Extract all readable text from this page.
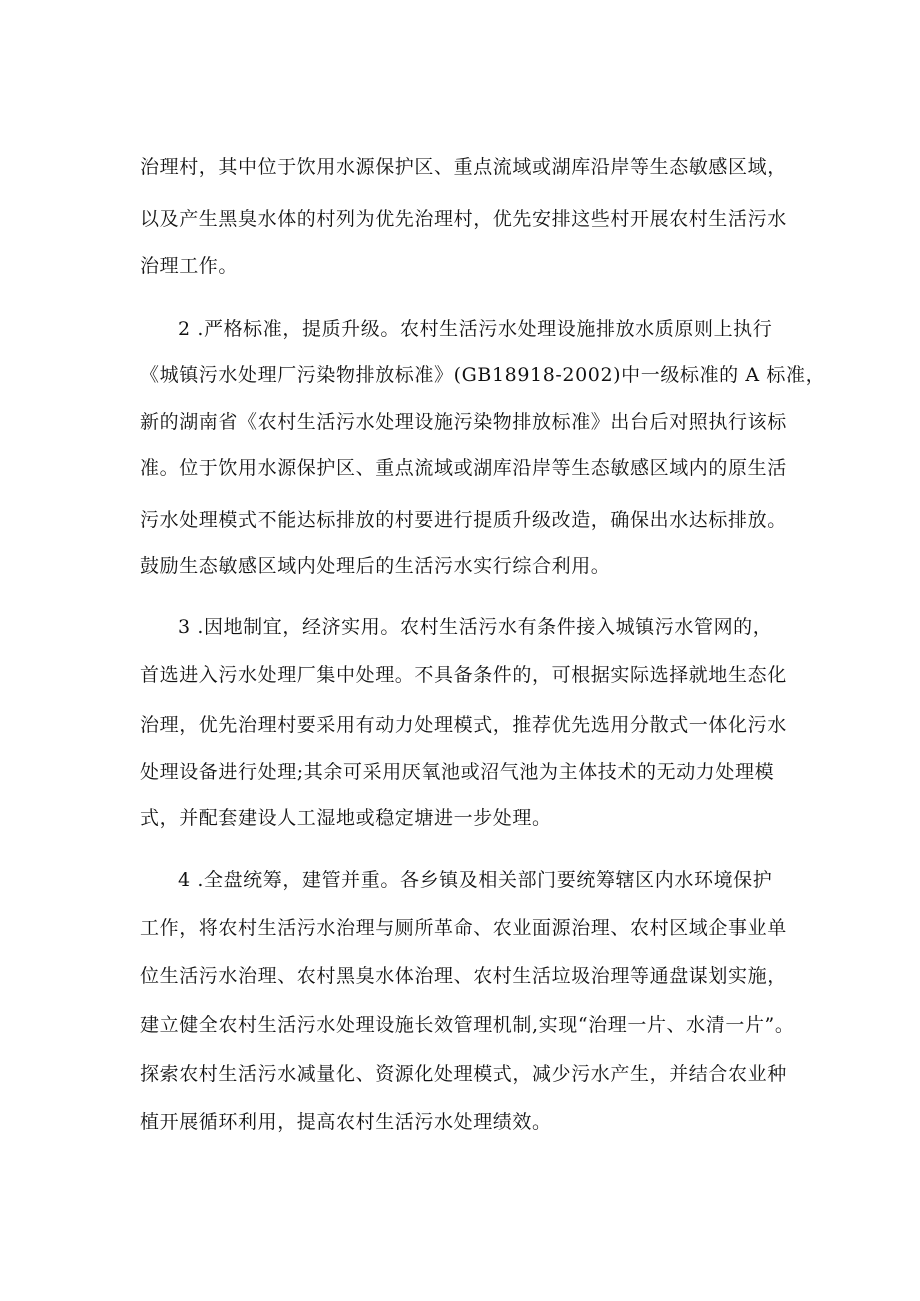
治理村，其中位于饮用水源保护区、重点流域或湖库沿岸等生态敏感区域，
以及产生黑臭水体的村列为优先治理村，优先安排这些村开展农村生活污水
治理工作。
2 .严格标准，提质升级。农村生活污水处理设施排放水质原则上执行
《城镇污水处理厂污染物排放标准》(GB18918-2002)中一级标准的 A 标准，
新的湖南省《农村生活污水处理设施污染物排放标准》出台后对照执行该标
准。位于饮用水源保护区、重点流域或湖库沿岸等生态敏感区域内的原生活
污水处理模式不能达标排放的村要进行提质升级改造，确保出水达标排放。
鼓励生态敏感区域内处理后的生活污水实行综合利用。
3 .因地制宜，经济实用。农村生活污水有条件接入城镇污水管网的，
首选进入污水处理厂集中处理。不具备条件的，可根据实际选择就地生态化
治理，优先治理村要采用有动力处理模式，推荐优先选用分散式一体化污水
处理设备进行处理;其余可采用厌氧池或沼气池为主体技术的无动力处理模
式，并配套建设人工湿地或稳定塘进一步处理。
4 .全盘统筹，建管并重。各乡镇及相关部门要统筹辖区内水环境保护
工作，将农村生活污水治理与厕所革命、农业面源治理、农村区域企事业单
位生活污水治理、农村黑臭水体治理、农村生活垃圾治理等通盘谋划实施，
建立健全农村生活污水处理设施长效管理机制,实现“治理一片、水清一片”。
探索农村生活污水减量化、资源化处理模式，减少污水产生，并结合农业种
植开展循环利用，提高农村生活污水处理绩效。
